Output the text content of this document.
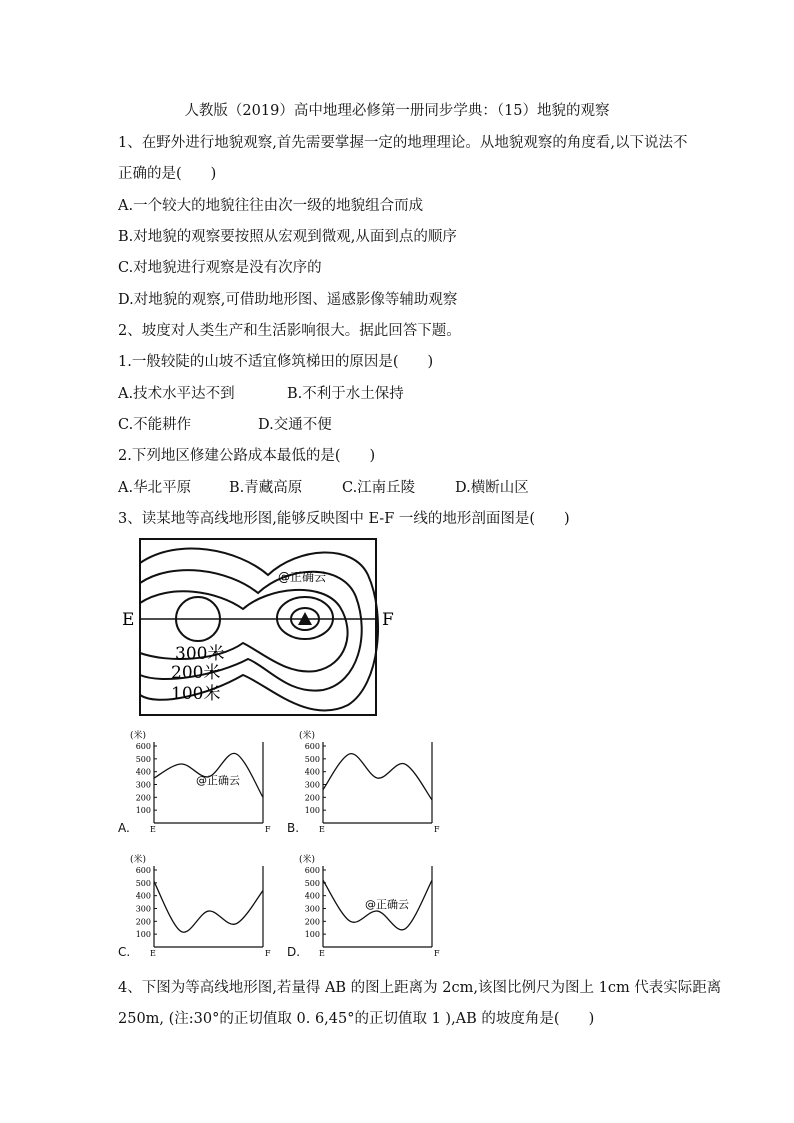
人教版（2019）高中地理必修第一册同步学典：（15）地貌的观察
1、在野外进行地貌观察,首先需要掌握一定的地理理论。从地貌观察的角度看,以下说法不
正确的是(　　)
A.一个较大的地貌往往由次一级的地貌组合而成
B.对地貌的观察要按照从宏观到微观,从面到点的顺序
C.对地貌进行观察是没有次序的
D.对地貌的观察,可借助地形图、遥感影像等辅助观察
2、坡度对人类生产和生活影响很大。据此回答下题。
1.一般较陡的山坡不适宜修筑梯田的原因是(　　)
A.技术水平达不到	B.不利于水土保持
C.不能耕作	D.交通不便
2.下列地区修建公路成本最低的是(　　)
A.华北平原	B.青藏高原	C.江南丘陵	D.横断山区
3、读某地等高线地形图,能够反映图中 E-F 一线的地形剖面图是(　　)
E	F
300米
200米
100米
@正确云
(米)
600
500
400
300
200
100
E	F
@正确云
A.
(米)
600
500
400
300
200
100
E	F
B.
(米)
600
500
400
300
200
100
E	F
C.
(米)
600
500
400
300
200
100
E	F
@正确云
D.
4、下图为等高线地形图,若量得 AB 的图上距离为 2cm,该图比例尺为图上 1cm 代表实际距离
250m, (注:30°的正切值取 0. 6,45°的正切值取 1 ),AB 的坡度角是(　　)
